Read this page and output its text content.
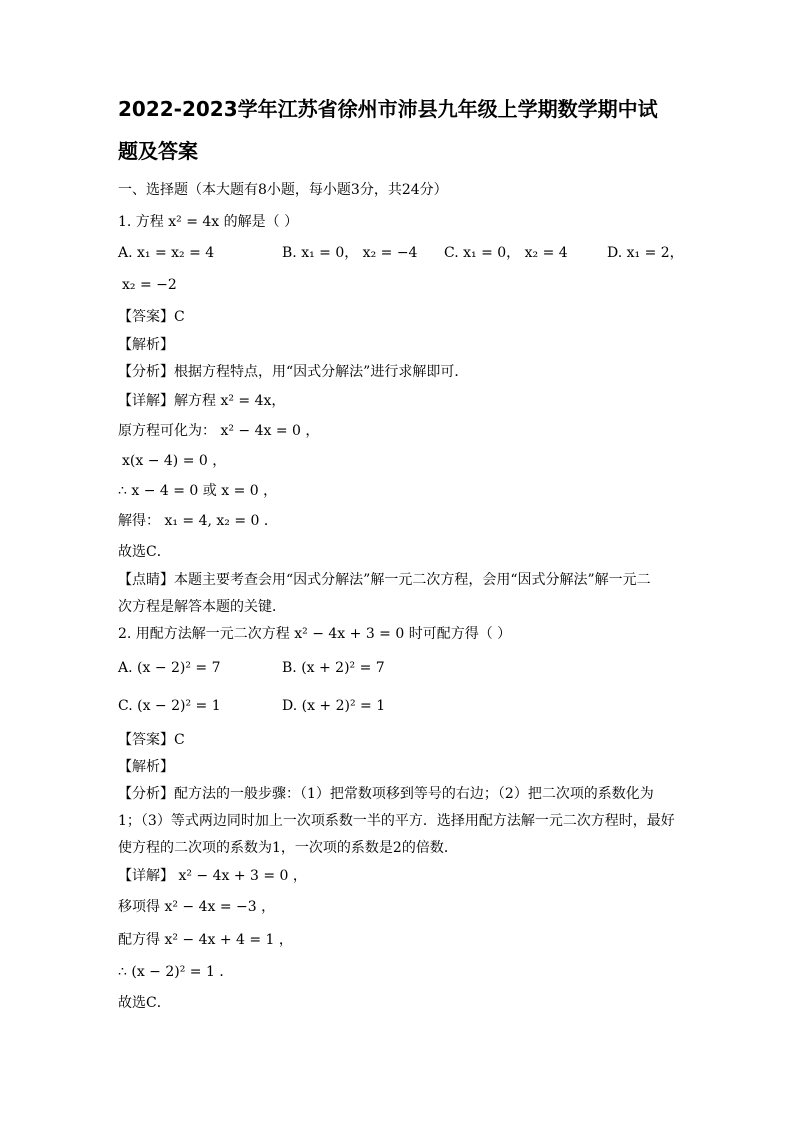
2022-2023学年江苏省徐州市沛县九年级上学期数学期中试
题及答案
一、选择题（本大题有8小题，每小题3分，共24分）
1. 方程 x² = 4x 的解是（ ）
A. x₁ = x₂ = 4	B. x₁ = 0， x₂ = −4 C. x₁ = 0， x₂ = 4	D. x₁ = 2，
x₂ = −2
【答案】C
【解析】
【分析】根据方程特点，用“因式分解法”进行求解即可．
【详解】解方程 x² = 4x，
原方程可化为： x² − 4x = 0 ，
x(x − 4) = 0 ，
∴ x − 4 = 0 或 x = 0 ，
解得： x₁ = 4, x₂ = 0 ．
故选C．
【点睛】本题主要考查会用“因式分解法”解一元二次方程，会用“因式分解法”解一元二
次方程是解答本题的关键．
2. 用配方法解一元二次方程 x² − 4x + 3 = 0 时可配方得（ ）
A. (x − 2)² = 7	B. (x + 2)² = 7
C. (x − 2)² = 1	D. (x + 2)² = 1
【答案】C
【解析】
【分析】配方法的一般步骤：（1）把常数项移到等号的右边；（2）把二次项的系数化为
1；（3）等式两边同时加上一次项系数一半的平方．选择用配方法解一元二次方程时，最好
使方程的二次项的系数为1，一次项的系数是2的倍数．
【详解】 x² − 4x + 3 = 0 ，
移项得 x² − 4x = −3 ，
配方得 x² − 4x + 4 = 1 ，
∴ (x − 2)² = 1 ．
故选C．
